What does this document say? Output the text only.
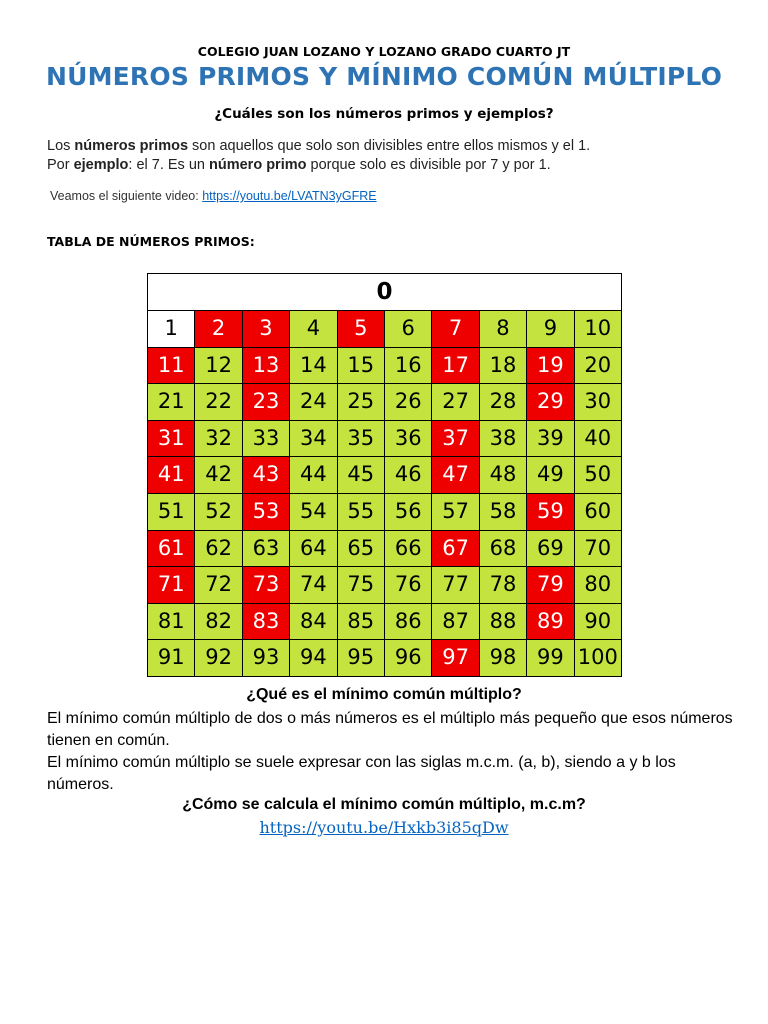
COLEGIO JUAN LOZANO Y LOZANO GRADO CUARTO JT
NÚMEROS PRIMOS Y MÍNIMO COMÚN MÚLTIPLO
¿Cuáles son los números primos y ejemplos?
Los números primos son aquellos que solo son divisibles entre ellos mismos y el 1.
Por ejemplo: el 7. Es un número primo porque solo es divisible por 7 y por 1.
Veamos el siguiente video: https://youtu.be/LVATN3yGFRE
TABLA DE NÚMEROS PRIMOS:
0
1	2	3	4	5	6	7	8	9	10
11 12 13 14 15 16 17 18 19 20
21 22 23 24 25 26 27 28 29 30
31 32 33 34 35 36 37 38 39 40
41 42 43 44 45 46 47 48 49 50
51 52 53 54 55 56 57 58 59 60
61 62 63 64 65 66 67 68 69 70
71 72 73 74 75 76 77 78 79 80
81 82 83 84 85 86 87 88 89 90
91 92 93 94 95 96 97 98 99 100
¿Qué es el mínimo común múltiplo?
El mínimo común múltiplo de dos o más números es el múltiplo más pequeño que esos números tienen en común.
El mínimo común múltiplo se suele expresar con las siglas m.c.m. (a, b), siendo a y b los números.
¿Cómo se calcula el mínimo común múltiplo, m.c.m?
https://youtu.be/Hxkb3i85qDw
